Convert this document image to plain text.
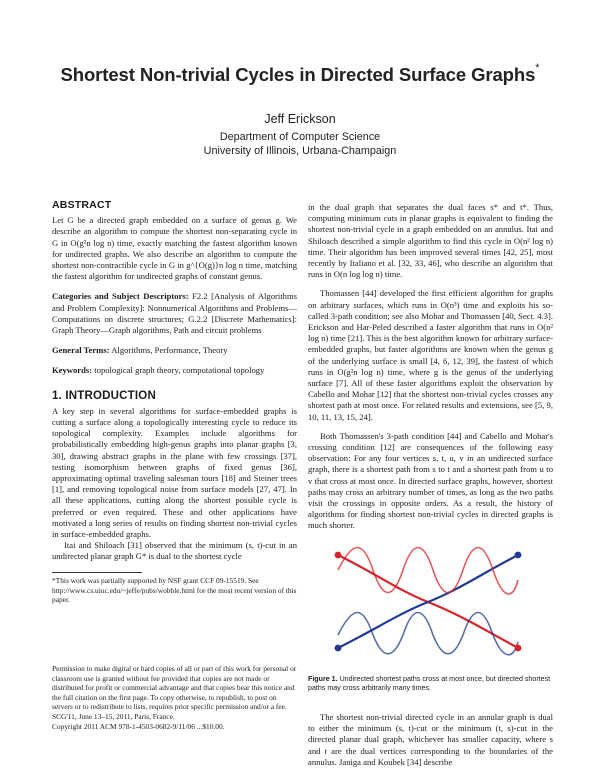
Shortest Non-trivial Cycles in Directed Surface Graphs*
Jeff Erickson
Department of Computer Science
University of Illinois, Urbana-Champaign
ABSTRACT

Let G be a directed graph embedded on a surface of genus g. We describe an algorithm to compute the shortest non-separating cycle in G in O(g²n log n) time, exactly matching the fastest algorithm known for undirected graphs. We also describe an algorithm to compute the shortest non-contractible cycle in G in g^{O(g)}n log n time, matching the fastest algorithm for undirected graphs of constant genus.

Categories and Subject Descriptors: F2.2 [Analysis of Algorithms and Problem Complexity]: Nonnumerical Algorithms and Problems—Computations on discrete structures; G.2.2 [Discrete Mathematics]: Graph Theory—Graph algorithms, Path and circuit problems

General Terms: Algorithms, Performance, Theory

Keywords: topological graph theory, computational topology

1. INTRODUCTION

A key step in several algorithms for surface-embedded graphs is cutting a surface along a topologically interesting cycle to reduce its topological complexity. Examples include algorithms for probabilistically embedding high-genus graphs into planar graphs [3, 30], drawing abstract graphs in the plane with few crossings [37], testing isomorphism between graphs of fixed genus [36], approximating optimal traveling salesman tours [18] and Steiner trees [1], and removing topological noise from surface models [27, 47]. In all these applications, cutting along the shortest possible cycle is preferred or even required. These and other applications have motivated a long series of results on finding shortest non-trivial cycles in surface-embedded graphs.

Itai and Shiloach [31] observed that the minimum (s, t)-cut in an undirected planar graph G* is dual to the shortest cycle

*This work was partially supported by NSF grant CCF 09-15519. See http://www.cs.uiuc.edu/~jeffe/pubs/wobble.html for the most recent version of this paper.
Permission to make digital or hard copies of all or part of this work for personal or classroom use is granted without fee provided that copies are not made or distributed for profit or commercial advantage and that copies bear this notice and the full citation on the first page. To copy otherwise, to republish, to post on servers or to redistribute to lists, requires prior specific permission and/or a fee.
SCG'11, June 13–15, 2011, Paris, France.
Copyright 2011 ACM 978-1-4503-0682-9/11/06 ...$10.00.

in the dual graph that separates the dual faces s* and t*. Thus, computing minimum cuts in planar graphs is equivalent to finding the shortest non-trivial cycle in a graph embedded on an annulus. Itai and Shiloach described a simple algorithm to find this cycle in O(n² log n) time. Their algorithm has been improved several times [42, 25], most recently by Italiano et al. [32, 33, 46], who describe an algorithm that runs in O(n log log n) time.

Thomassen [44] developed the first efficient algorithm for graphs on arbitrary surfaces, which runs in O(n³) time and exploits his so-called 3-path condition; see also Mohar and Thomassen [40, Sect. 4.3]. Erickson and Har-Peled described a faster algorithm that runs in O(n² log n) time [21]. This is the best algorithm known for arbitrary surface-embedded graphs, but faster algorithms are known when the genus g of the underlying surface is small [4, 6, 12, 39], the fastest of which runs in O(g²n log n) time, where g is the genus of the underlying surface [7]. All of these faster algorithms exploit the observation by Cabello and Mohar [12] that the shortest non-trivial cycles crosses any shortest path at most once. For related results and extensions, see [5, 9, 10, 11, 13, 15, 24].

Both Thomassen's 3-path condition [44] and Cabello and Mohar's crossing condition [12] are consequences of the following easy observation: For any four vertices s, t, u, v in an undirected surface graph, there is a shortest path from s to t and a shortest path from u to v that cross at most once. In directed surface graphs, however, shortest paths may cross an arbitrary number of times, as long as the two paths visit the crossings in opposite orders. As a result, the history of algorithms for finding shortest non-trivial cycles in directed graphs is much shorter.

Figure 1. Undirected shortest paths cross at most once, but directed shortest paths may cross arbitrarily many times.

The shortest non-trivial directed cycle in an annular graph is dual to either the minimum (s, t)-cut or the minimum (t, s)-cut in the directed planar dual graph, whichever has smaller capacity, where s and t are the dual vertices corresponding to the boundaries of the annulus. Janiga and Koubek [34] describe
